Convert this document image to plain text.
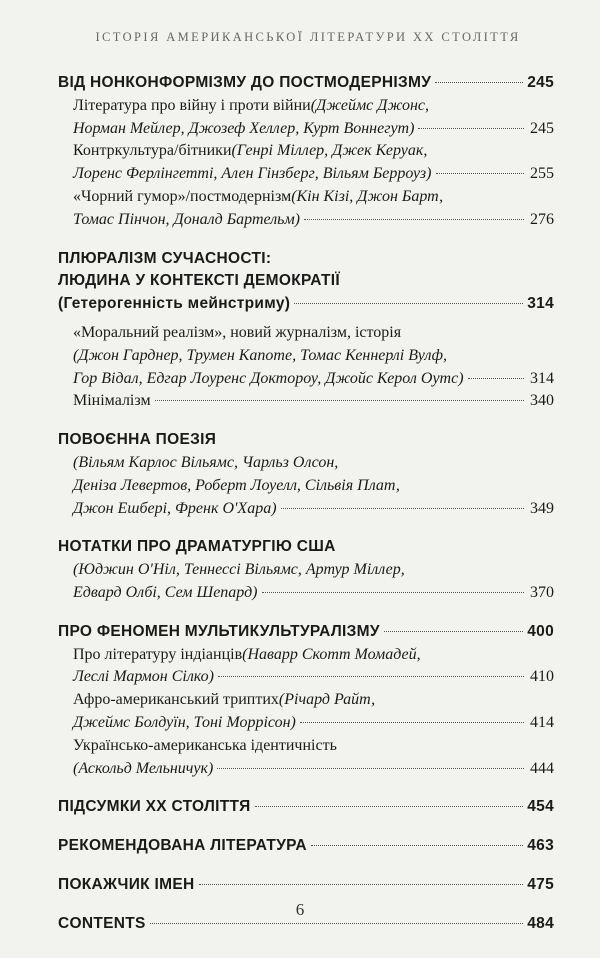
ІСТОРІЯ АМЕРИКАНСЬКОЇ ЛІТЕРАТУРИ XX СТОЛІТТЯ
ВІД НОНКОНФОРМІЗМУ ДО ПОСТМОДЕРНІЗМУ	245
Література про війну і проти війни (Джеймс Джонс,
Норман Мейлер, Джозеф Хеллер, Курт Воннегут)	245
Контркультура/бітники (Генрі Міллер, Джек Керуак,
Лоренс Ферлінгетті, Ален Гінзберг, Вільям Берроуз)	255
«Чорний гумор»/постмодернізм (Кін Кізі, Джон Барт,
Томас Пінчон, Доналд Бартельм)	276
ПЛЮРАЛІЗМ СУЧАСНОСТІ:
ЛЮДИНА У КОНТЕКСТІ ДЕМОКРАТІЇ
(Гетерогенність мейнстриму)	314
«Моральний реалізм», новий журналізм, історія
(Джон Гарднер, Трумен Капоте, Томас Кеннерлі Вулф,
Гор Відал, Едгар Лоуренс Доктороу, Джойс Керол Оутс)	314
Мінімалізм	340
ПОВОЄННА ПОЕЗІЯ
(Вільям Карлос Вільямс, Чарльз Олсон,
Деніза Левертов, Роберт Лоуелл, Сільвія Плат,
Джон Ешбері, Френк О'Хара)	349
НОТАТКИ ПРО ДРАМАТУРГІЮ США
(Юджин О'Ніл, Теннессі Вільямс, Артур Міллер,
Едвард Олбі, Сем Шепард)	370
ПРО ФЕНОМЕН МУЛЬТИКУЛЬТУРАЛІЗМУ	400
Про літературу індіанців (Наварр Скотт Момадей,
Леслі Мармон Сілко)	410
Афро-американський триптих (Річард Райт,
Джеймс Болдуїн, Тоні Моррісон)	414
Українсько-американська ідентичність
(Аскольд Мельничук)	444
ПІДСУМКИ XX СТОЛІТТЯ	454
РЕКОМЕНДОВАНА ЛІТЕРАТУРА	463
ПОКАЖЧИК ІМЕН	475
CONTENTS	484
6
